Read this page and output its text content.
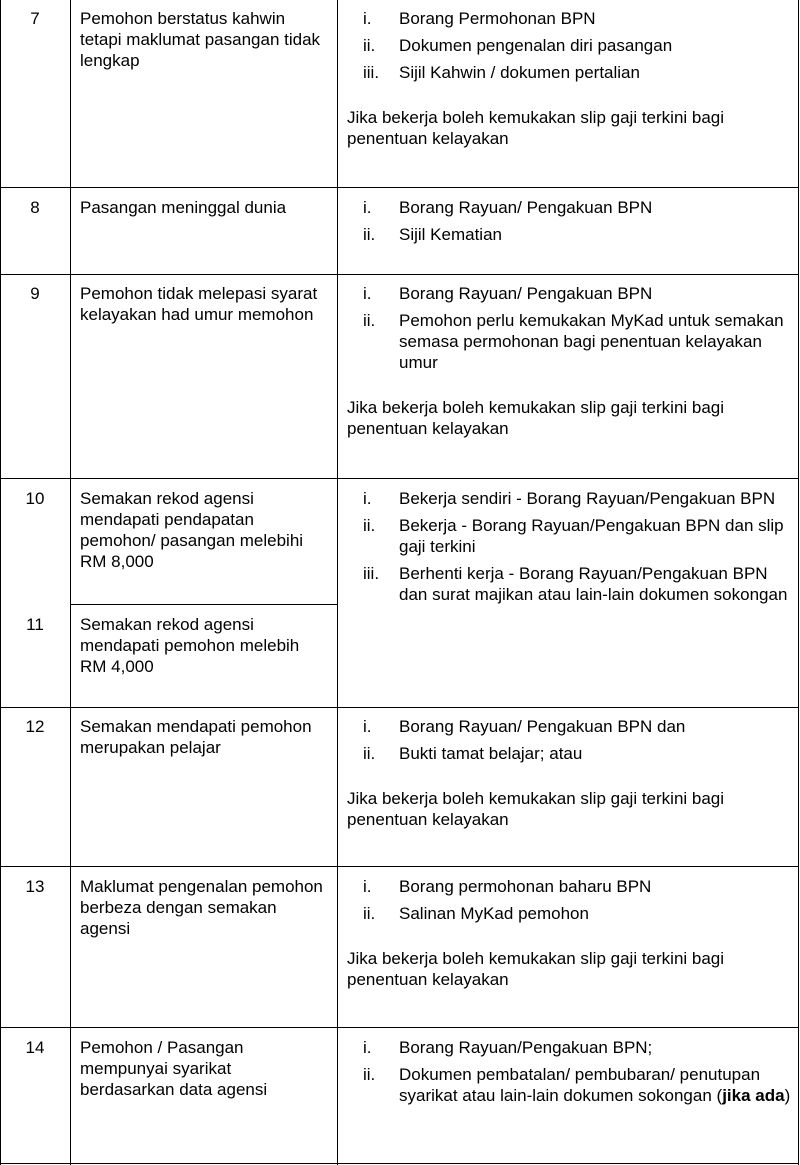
7	Pemohon berstatus kahwin tetapi maklumat pasangan tidak lengkap
i. Borang Permohonan BPN
ii. Dokumen pengenalan diri pasangan
iii. Sijil Kahwin / dokumen pertalian
Jika bekerja boleh kemukakan slip gaji terkini bagi penentuan kelayakan
8	Pasangan meninggal dunia	i. Borang Rayuan/ Pengakuan BPN
ii. Sijil Kematian
9	Pemohon tidak melepasi syarat kelayakan had umur memohon
i. Borang Rayuan/ Pengakuan BPN
ii. Pemohon perlu kemukakan MyKad untuk semakan semasa permohonan bagi penentuan kelayakan umur
Jika bekerja boleh kemukakan slip gaji terkini bagi penentuan kelayakan
10	Semakan rekod agensi mendapati pendapatan pemohon/ pasangan melebihi RM 8,000
i. Bekerja sendiri - Borang Rayuan/Pengakuan BPN
ii. Bekerja - Borang Rayuan/Pengakuan BPN dan slip gaji terkini
iii. Berhenti kerja - Borang Rayuan/Pengakuan BPN dan surat majikan atau lain-lain dokumen sokongan
11	Semakan rekod agensi mendapati pemohon melebih RM 4,000
12	Semakan mendapati pemohon merupakan pelajar
i. Borang Rayuan/ Pengakuan BPN dan
ii. Bukti tamat belajar; atau
Jika bekerja boleh kemukakan slip gaji terkini bagi penentuan kelayakan
13	Maklumat pengenalan pemohon berbeza dengan semakan agensi
i. Borang permohonan baharu BPN
ii. Salinan MyKad pemohon
Jika bekerja boleh kemukakan slip gaji terkini bagi penentuan kelayakan
14	Pemohon / Pasangan mempunyai syarikat berdasarkan data agensi
i. Borang Rayuan/Pengakuan BPN;
ii. Dokumen pembatalan/ pembubaran/ penutupan syarikat atau lain-lain dokumen sokongan (jika ada)
